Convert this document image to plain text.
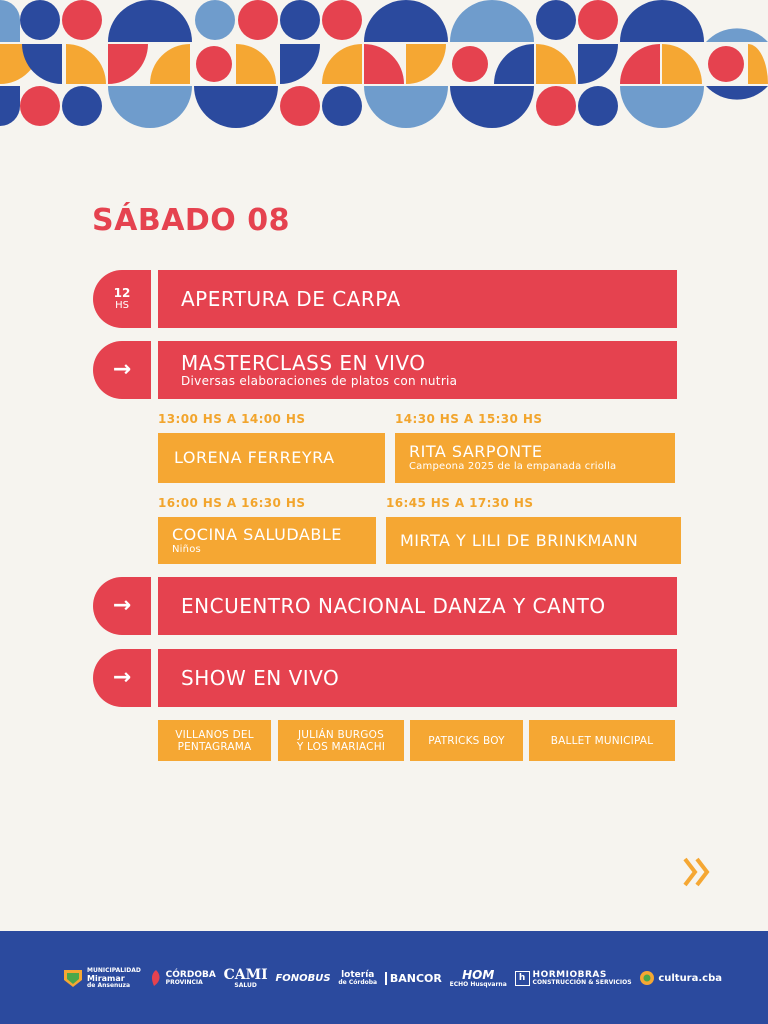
SÁBADO 08
12
HS	APERTURA DE CARPA
→ MASTERCLASS EN VIVO
Diversas elaboraciones de platos con nutria
13:00 HS A 14:00 HS
LORENA FERREYRA
14:30 HS A 15:30 HS
RITA SARPONTE
Campeona 2025 de la empanada criolla
16:00 HS A 16:30 HS
COCINA SALUDABLE
Niños
16:45 HS A 17:30 HS
MIRTA Y LILI DE BRINKMANN
→ ENCUENTRO NACIONAL DANZA Y CANTO
→ SHOW EN VIVO
VILLANOS DEL
PENTAGRAMA
JULIÁN BURGOS
Y LOS MARIACHI	PATRICKS BOY	BALLET MUNICIPAL
MUNICIPALIDAD
Miramar
de Ansenuza
CÓRDOBA
PROVINCIA	CAMI
SALUD
FONOBUS lotería
de Córdoba	BANCOR HOM
ECHO Husqvarna
h HORMIOBRAS
CONSTRUCCIÓN & SERVICIOS	cultura.cba
